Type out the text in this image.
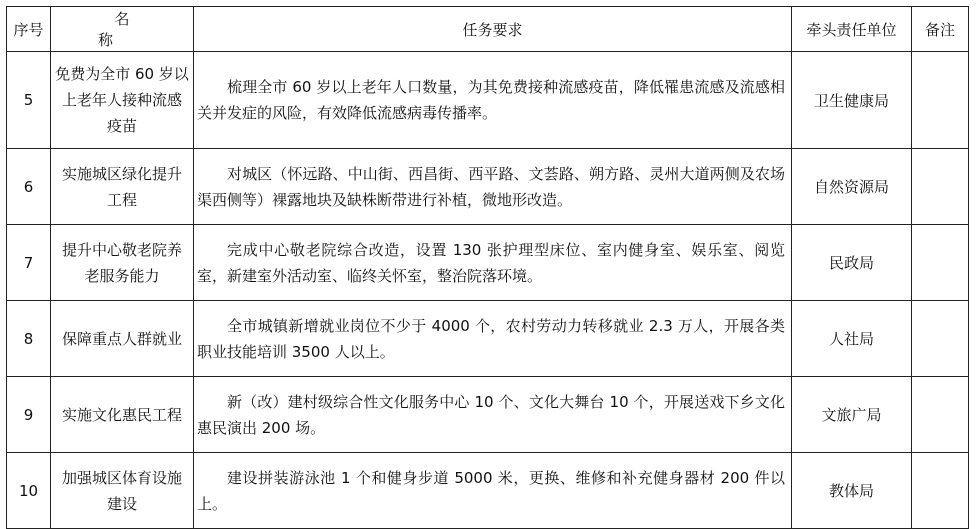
序号	名 称	任务要求	牵头责任单位	备注
5	免费为全市 60 岁以上老年人接种流感疫苗	梳理全市 60 岁以上老年人口数量，为其免费接种流感疫苗，降低罹患流感及流感相关并发症的风险，有效降低流感病毒传播率。	卫生健康局	
6	实施城区绿化提升工程	对城区（怀远路、中山街、西昌街、西平路、文荟路、朔方路、灵州大道两侧及农场渠西侧等）裸露地块及缺株断带进行补植，微地形改造。	自然资源局	
7	提升中心敬老院养老服务能力	完成中心敬老院综合改造，设置 130 张护理型床位、室内健身室、娱乐室、阅览室，新建室外活动室、临终关怀室，整治院落环境。	民政局	
8	保障重点人群就业	全市城镇新增就业岗位不少于 4000 个，农村劳动力转移就业 2.3 万人，开展各类职业技能培训 3500 人以上。	人社局	
9	实施文化惠民工程	新（改）建村级综合性文化服务中心 10 个、文化大舞台 10 个，开展送戏下乡文化惠民演出 200 场。	文旅广局	
10	加强城区体育设施建设	建设拼装游泳池 1 个和健身步道 5000 米，更换、维修和补充健身器材 200 件以上。	教体局	
